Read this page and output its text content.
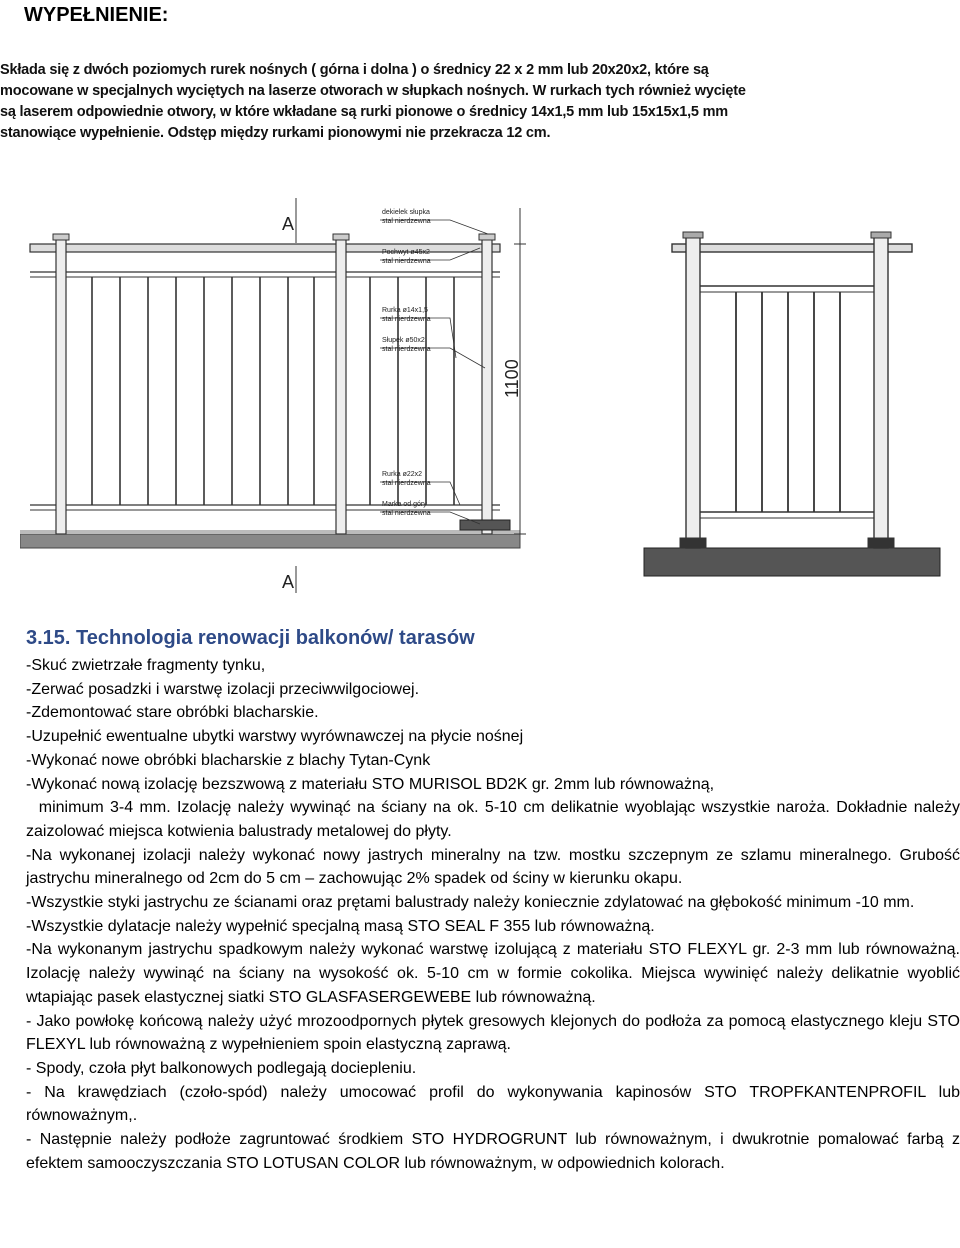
WYPEŁNIENIE:
Składa się z dwóch poziomych rurek nośnych ( górna i dolna ) o średnicy 22 x 2 mm lub 20x20x2, które są
mocowane w specjalnych wyciętych na laserze otworach w słupkach nośnych. W rurkach tych również wycięte
są laserem odpowiednie otwory, w które wkładane są rurki pionowe o średnicy 14x1,5 mm lub 15x15x1,5 mm
stanowiące wypełnienie. Odstęp między rurkami pionowymi nie przekracza 12 cm.
A
A
1100
dekielek słupka
stal nierdzewna
Pochwyt ø45x2
stal nierdzewna
Rurka ø14x1,5
stal nierdzewna
Słupek ø50x2
stal nierdzewna
Rurka ø22x2
stal nierdzewna
Marka od góry
stal nierdzewna
3.15. Technologia renowacji balkonów/ tarasów

-Skuć zwietrzałe fragmenty tynku,

-Zerwać posadzki i warstwę izolacji przeciwwilgociowej.

-Zdemontować stare obróbki blacharskie.

-Uzupełnić ewentualne ubytki warstwy wyrównawczej na płycie nośnej

-Wykonać nowe obróbki blacharskie z blachy Tytan-Cynk

-Wykonać nową izolację bezszwową z materiału STO MURISOL BD2K gr. 2mm lub równoważną,

minimum 3-4 mm. Izolację należy wywinąć na ściany na ok. 5-10 cm delikatnie wyoblając wszystkie naroża. Dokładnie należy zaizolować miejsca kotwienia balustrady metalowej do płyty.

-Na wykonanej izolacji należy wykonać nowy jastrych mineralny na tzw. mostku szczepnym ze szlamu mineralnego. Grubość jastrychu mineralnego od 2cm do 5 cm – zachowując 2% spadek od ściny w kierunku okapu.

-Wszystkie styki jastrychu ze ścianami oraz prętami balustrady należy koniecznie zdylatować na głębokość minimum -10 mm.

-Wszystkie dylatacje należy wypełnić specjalną masą STO SEAL F 355 lub równoważną.

-Na wykonanym jastrychu spadkowym należy wykonać warstwę izolującą z materiału STO FLEXYL gr. 2-3 mm lub równoważną. Izolację należy wywinąć na ściany na wysokość ok. 5-10 cm w formie cokolika. Miejsca wywinięć należy delikatnie wyoblić wtapiając pasek elastycznej siatki STO GLASFASERGEWEBE lub równoważną.

- Jako powłokę końcową należy użyć mrozoodpornych płytek gresowych klejonych do podłoża za pomocą elastycznego kleju STO FLEXYL lub równoważną z wypełnieniem spoin elastyczną zaprawą.

- Spody, czoła płyt balkonowych podlegają dociepleniu.

- Na krawędziach (czoło-spód) należy umocować profil do wykonywania kapinosów STO TROPFKANTENPROFIL lub równoważnym,.

- Następnie należy podłoże zagruntować środkiem STO HYDROGRUNT lub równoważnym, i dwukrotnie pomalować farbą z efektem samooczyszczania STO LOTUSAN COLOR lub równoważnym, w odpowiednich kolorach.
